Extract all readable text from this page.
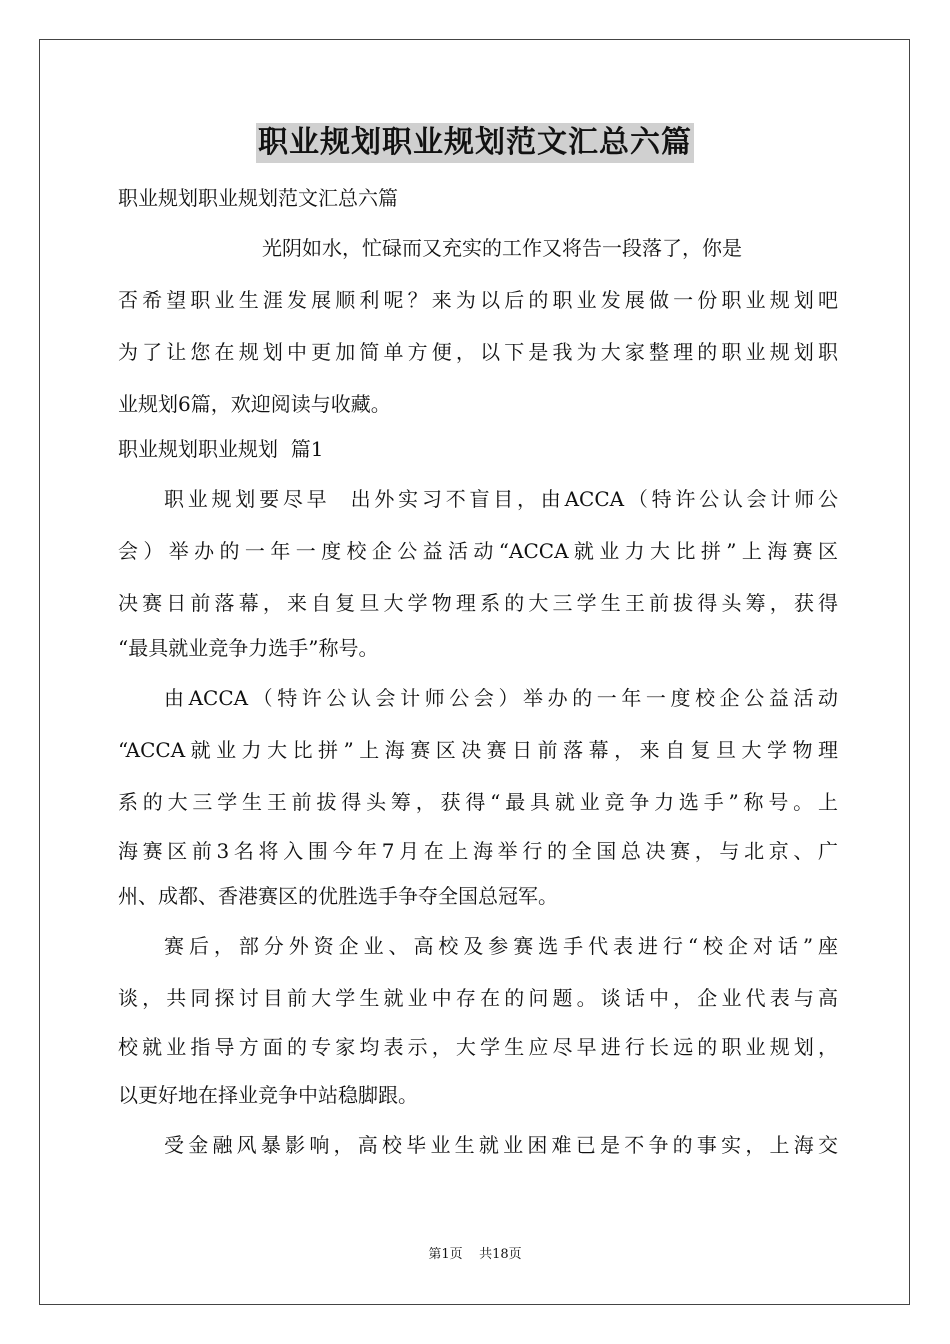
职业规划职业规划范文汇总六篇
职业规划职业规划范文汇总六篇
光阴如水，忙碌而又充实的工作又将告一段落了，你是
否希望职业生涯发展顺利呢？来为以后的职业发展做一份职业规划吧
为了让您在规划中更加简单方便，以下是我为大家整理的职业规划职
业规划6篇，欢迎阅读与收藏。
职业规划职业规划  篇1
职业规划要尽早  出外实习不盲目，由ACCA（特许公认会计师公
会）举办的一年一度校企公益活动“ACCA就业力大比拼”上海赛区
决赛日前落幕，来自复旦大学物理系的大三学生王前拔得头筹，获得
“最具就业竞争力选手”称号。
由ACCA（特许公认会计师公会）举办的一年一度校企公益活动
“ACCA就业力大比拼”上海赛区决赛日前落幕，来自复旦大学物理
系的大三学生王前拔得头筹，获得“最具就业竞争力选手”称号。上
海赛区前3名将入围今年7月在上海举行的全国总决赛，与北京、广
州、成都、香港赛区的优胜选手争夺全国总冠军。
赛后，部分外资企业、高校及参赛选手代表进行“校企对话”座
谈，共同探讨目前大学生就业中存在的问题。谈话中，企业代表与高
校就业指导方面的专家均表示，大学生应尽早进行长远的职业规划，
以更好地在择业竞争中站稳脚跟。
受金融风暴影响，高校毕业生就业困难已是不争的事实，上海交
第1页    共18页
